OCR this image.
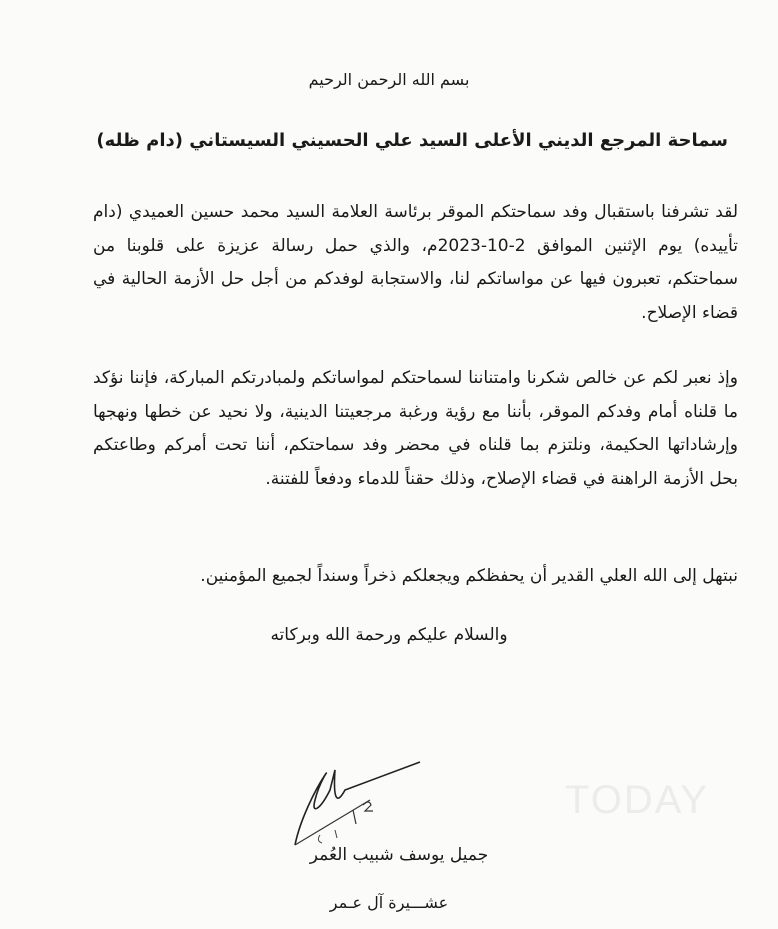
بسم الله الرحمن الرحيم
سماحة المرجع الديني الأعلى السيد علي الحسيني السيستاني (دام ظله)

لقد تشرفنا باستقبال وفد سماحتكم الموقر برئاسة العلامة السيد محمد حسين العميدي (دام تأييده) يوم الإثنين الموافق 2-10-2023م، والذي حمل رسالة عزيزة على قلوبنا من سماحتكم، تعبرون فيها عن مواساتكم لنا، والاستجابة لوفدكم من أجل حل الأزمة الحالية في قضاء الإصلاح.

وإذ نعبر لكم عن خالص شكرنا وامتناننا لسماحتكم لمواساتكم ولمبادرتكم المباركة، فإننا نؤكد ما قلناه أمام وفدكم الموقر، بأننا مع رؤية ورغبة مرجعيتنا الدينية، ولا نحيد عن خطها ونهجها وإرشاداتها الحكيمة، ونلتزم بما قلناه في محضر وفد سماحتكم، أننا تحت أمركم وطاعتكم بحل الأزمة الراهنة في قضاء الإصلاح، وذلك حقناً للدماء ودفعاً للفتنة.

نبتهل إلى الله العلي القدير أن يحفظكم ويجعلكم ذخراً وسنداً لجميع المؤمنين.

والسلام عليكم ورحمة الله وبركاته
جميل يوسف شبيب العُمر
عشـــيرة آل عـمر
TODAY
